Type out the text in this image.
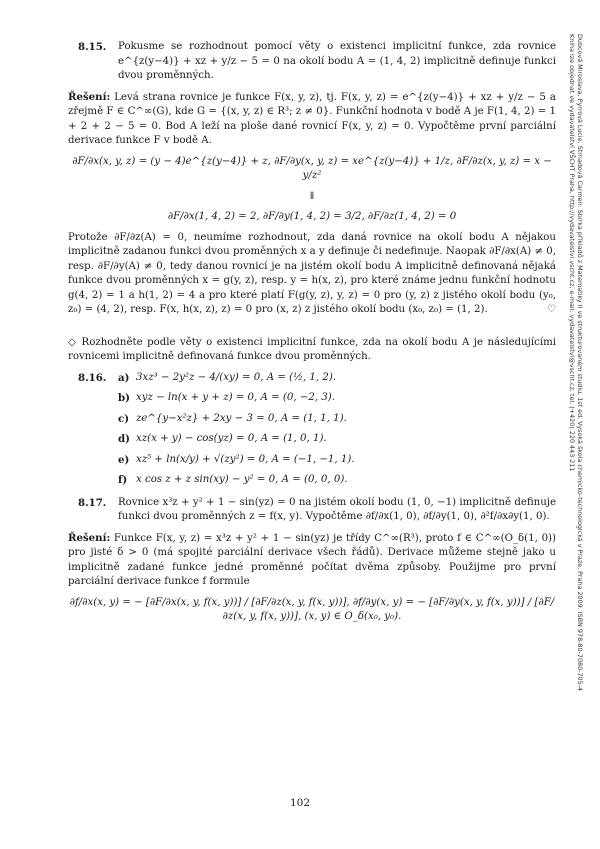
8.15.	Pokusme se rozhodnout pomocí věty o existenci implicitní funkce, zda rovnice e^{z(y−4)} + xz + y/z − 5 = 0 na okolí bodu A = (1, 4, 2) implicitně definuje funkci dvou proměnných.
Řešení: Levá strana rovnice je funkce F(x, y, z), tj. F(x, y, z) = e^{z(y−4)} + xz + y/z − 5 a zřejmě F ∈ C^∞(G), kde G = {(x, y, z) ∈ R³; z ≠ 0}. Funkční hodnota v bodě A je F(1, 4, 2) = 1 + 2 + 2 − 5 = 0. Bod A leží na ploše dané rovnicí F(x, y, z) = 0. Vypočtěme první parciální derivace funkce F v bodě A.
∂F/∂x(x, y, z) = (y − 4)e^{z(y−4)} + z, ∂F/∂y(x, y, z) = xe^{z(y−4)} + 1/z, ∂F/∂z(x, y, z) = x − y/z²
⇓
∂F/∂x(1, 4, 2) = 2, ∂F/∂y(1, 4, 2) = 3/2, ∂F/∂z(1, 4, 2) = 0
Protože ∂F/∂z(A) = 0, neumíme rozhodnout, zda daná rovnice na okolí bodu A nějakou implicitně zadanou funkci dvou proměnných x a y definuje či nedefinuje. Naopak ∂F/∂x(A) ≠ 0, resp. ∂F/∂y(A) ≠ 0, tedy danou rovnicí je na jistém okolí bodu A implicitně definovaná nějaká funkce dvou proměnných x = g(y, z), resp. y = h(x, z), pro které známe jednu funkční hodnotu g(4, 2) = 1 a h(1, 2) = 4 a pro které platí F(g(y, z), y, z) = 0 pro (y, z) z jistého okolí bodu (y₀, z₀) = (4, 2), resp. F(x, h(x, z), z) = 0 pro (x, z) z jistého okolí bodu (x₀, z₀) = (1, 2).	♡
◇ Rozhodněte podle věty o existenci implicitní funkce, zda na okolí bodu A je následujícími rovnicemi implicitně definovaná funkce dvou proměnných.
8.16.	a) 3xz³ − 2y²z − 4/(xy) = 0, A = (½, 1, 2).
b) xyz − ln(x + y + z) = 0, A = (0, −2, 3).
c) ze^{y−x²z} + 2xy − 3 = 0, A = (1, 1, 1).
d) xz(x + y) − cos(yz) = 0, A = (1, 0, 1).
e) xz⁵ + ln(x/y) + √(zy²) = 0, A = (−1, −1, 1).
f) x cos z + z sin(xy) − y² = 0, A = (0, 0, 0).
8.17.	Rovnice x³z + y² + 1 − sin(yz) = 0 na jistém okolí bodu (1, 0, −1) implicitně definuje funkci dvou proměnných z = f(x, y). Vypočtěme ∂f/∂x(1, 0), ∂f/∂y(1, 0), ∂²f/∂x∂y(1, 0).
Řešení: Funkce F(x, y, z) = x³z + y² + 1 − sin(yz) je třídy C^∞(R³), proto f ∈ C^∞(O_δ(1, 0)) pro jisté δ > 0 (má spojité parciální derivace všech řádů). Derivace můžeme stejně jako u implicitně zadané funkce jedné proměnné počítat dvěma způsoby. Použijme pro první parciální derivace funkce f formule
∂f/∂x(x, y) = − [∂F/∂x(x, y, f(x, y))] / [∂F/∂z(x, y, f(x, y))], ∂f/∂y(x, y) = − [∂F/∂y(x, y, f(x, y))] / [∂F/∂z(x, y, f(x, y))], (x, y) ∈ O_δ(x₀, y₀).
102
Dubcová Miroslava, Pyrrová Lucie, Strnadová Carmen: Sbírka příkladů z Matematiky II ve strukturovaném studiu, 1st ed. Vysoká škola chemicko-technologická v Praze, Praha 2009. ISBN 978-80-7080-705-4
Kniha lze objednat ve vydavatelství VŠCHT Praha, http://vydavatelstvi.vscht.cz, e-mail: vydavatelstvi@vscht.cz, tel. (+420) 220 443 211
